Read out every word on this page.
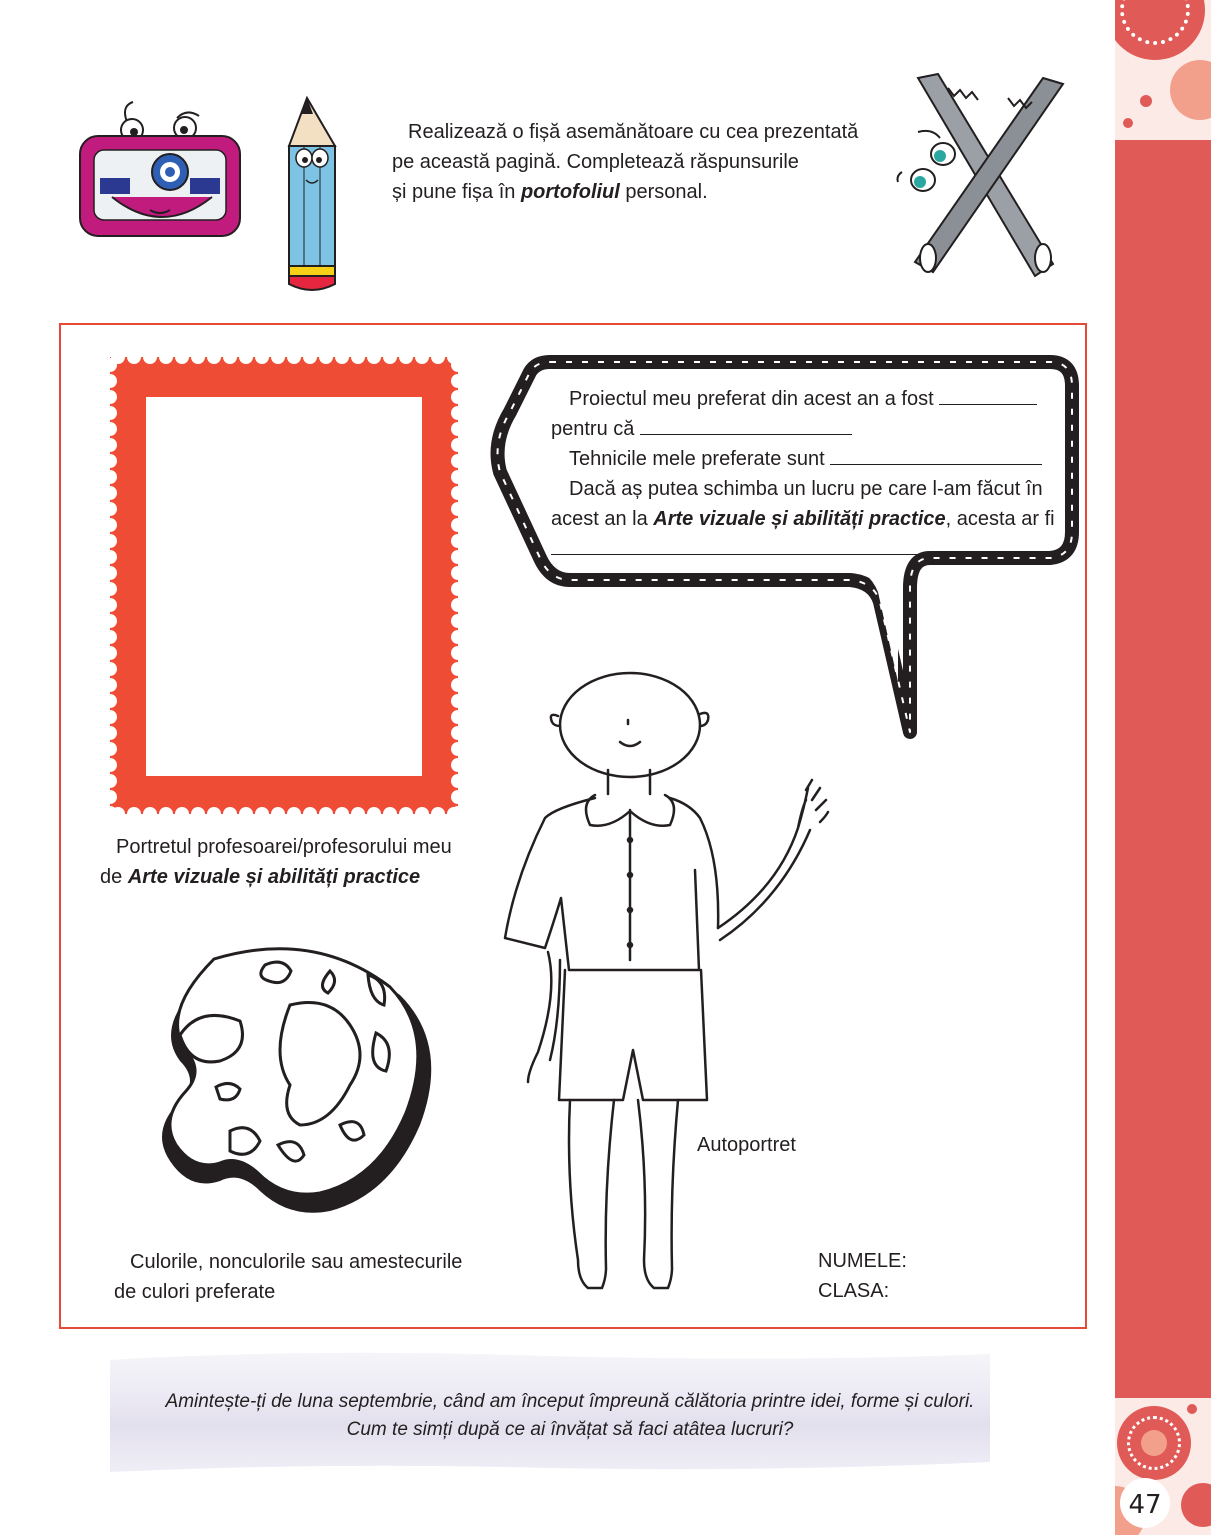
47
Realizează o fișă asemănătoare cu cea prezentată
pe această pagină. Completează răspunsurile
și pune fișa în portofoliul personal.
Proiectul meu preferat din acest an a fost
pentru că
Tehnicile mele preferate sunt
Dacă aș putea schimba un lucru pe care l-am făcut în
acest an la Arte vizuale și abilități practice, acesta ar fi
Portretul profesoarei/profesorului meu
de Arte vizuale și abilități practice
Autoportret
Culorile, nonculorile sau amestecurile
de culori preferate
NUMELE:
CLASA:
Amintește-ți de luna septembrie, când am început împreună călătoria printre idei, forme și culori.
Cum te simți după ce ai învățat să faci atâtea lucruri?
